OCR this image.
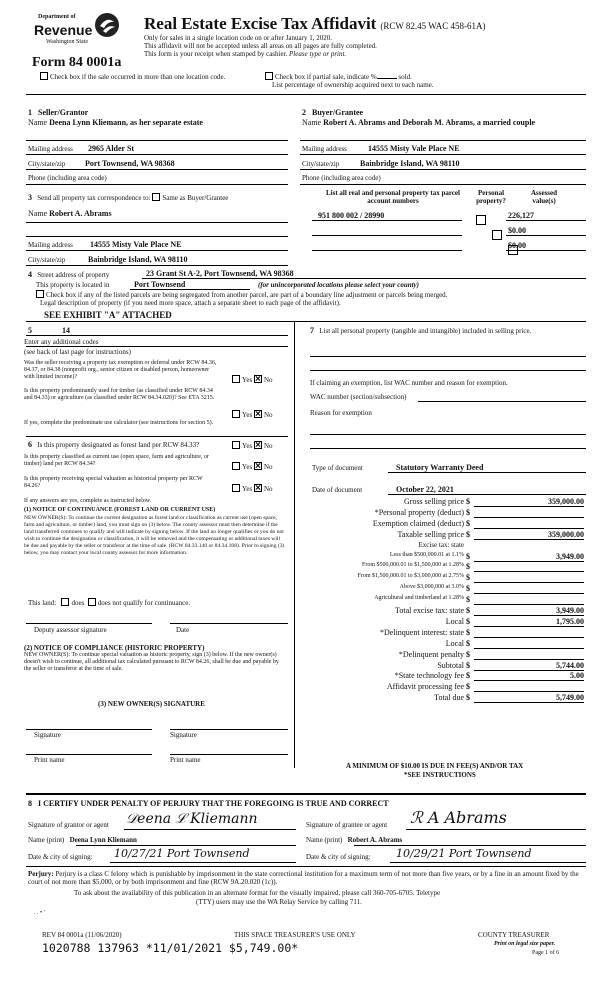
Department of
Revenue
Washington State
Form 84 0001a
Real Estate Excise Tax Affidavit (RCW 82.45 WAC 458-61A)
Only for sales in a single location code on or after January 1, 2020.
This affidavit will not be accepted unless all areas on all pages are fully completed.
This form is your receipt when stamped by cashier. Please type or print.
Check box if the sale occurred in more than one location code.	Check box if partial sale, indicate %	sold.
List percentage of ownership acquired next to each name.
1 Seller/Grantor
Name Deena Lynn Kliemann, as her separate estate
2 Buyer/Grantee
Name Robert A. Abrams and Deborah M. Abrams, a married couple
Mailing address 2965 Alder St
City/state/zip Port Townsend, WA 98368
Phone (including area code)
Mailing address	14555 Misty Vale Place NE
City/state/zip	Bainbridge Island, WA 98110
Phone (including area code)
3 Send all property tax correspondence to: Same as Buyer/Grantee
Name Robert A. Abrams
Mailing address 14555 Misty Vale Place NE
City/state/zip	Bainbridge Island, WA 98110
List all real and personal property tax parcel account numbers
Personal property?
Assessed value(s)
951 800 002 / 28990
	226,127

$0.00
$0.00
4 Street address of property	23 Grant St A-2, Port Townsend, WA 98368
This property is located in	Port Townsend	(for unincorporated locations please select your county)
Check box if any of the listed parcels are being segregated from another parcel, are part of a boundary line adjustment or parcels being merged.
Legal description of property (if you need more space, attach a separate sheet to each page of the affidavit).
SEE EXHIBIT "A" ATTACHED
5	14
Enter any additional codes
(see back of last page for instructions)
Was the seller receiving a property tax exemption or deferral under RCW 84.36, 84.37, or 84.38 (nonprofit org., senior citizen or disabled person, homeowner with limited income)?	Yes No
Is this property predominantly used for timber (as classified under RCW 84.34 and 84.33) or agriculture (as classified under RCW 84.34.020)? See ETA 3215.
Yes No
If yes, complete the predominate use calculator (see instructions for section 5).
6 Is this property designated as forest land per RCW 84.33?	Yes No
Is this property classified as current use (open space, farm and agriculture, or timber) land per RCW 84.34?	Yes No
Is this property receiving special valuation as historical property per RCW 84.26?	Yes No
If any answers are yes, complete as instructed below.
(1) NOTICE OF CONTINUANCE (FOREST LAND OR CURRENT USE)
NEW OWNER(S): To continue the current designation as forest land or classification as current use (open space, farm and agriculture, or timber) land, you must sign on (3) below. The county assessor must then determine if the land transferred continues to qualify and will indicate by signing below. If the land no longer qualifies or you do not wish to continue the designation or classification, it will be removed and the compensating or additional taxes will be due and payable by the seller or transferor at the time of sale. (RCW 84.33.140 or 84.34.108). Prior to signing (3) below, you may contact your local county assessor for more information.
This land: does does not qualify for continuance.
Deputy assessor signature	Date
(2) NOTICE OF COMPLIANCE (HISTORIC PROPERTY)
NEW OWNER(S): To continue special valuation as historic property, sign (3) below. If the new owner(s) doesn't wish to continue, all additional tax calculated pursuant to RCW 84.26, shall be due and payable by the seller or transferor at the time of sale.
(3) NEW OWNER(S) SIGNATURE
Signature	Signature
Print name	Print name
7 List all personal property (tangible and intangible) included in selling price.
If claiming an exemption, list WAC number and reason for exemption.
WAC number (section/subsection)
Reason for exemption
Type of document	Statutory Warranty Deed
Date of document	October 22, 2021
Gross selling price $	359,000.00
*Personal property (deduct) $
Exemption claimed (deduct) $
Taxable selling price $	359,000.00
Excise tax: state
Less than $500,000.01 at 1.1% $	3,949.00
From $500,000.01 to $1,500,000 at 1.28% $
From $1,500,000.01 to $3,000,000 at 2.75% $
Above $3,000,000 at 3.0% $
Agricultural and timberland at 1.28% $
Total excise tax: state $	3,949.00
Local $	1,795.00
*Delinquent interest: state $
Local $
*Delinquent penalty $
Subtotal $	5,744.00
*State technology fee $	5.00
Affidavit processing fee $
Total due $	5,749.00
A MINIMUM OF $10.00 IS DUE IN FEE(S) AND/OR TAX
*SEE INSTRUCTIONS
8 I CERTIFY UNDER PENALTY OF PERJURY THAT THE FOREGOING IS TRUE AND CORRECT
Signature of grantor or agent 𝒟eena ℒ Kliemann	Signature of grantee or agent ℛ A Abrams
Name (print) Deena Lynn Kliemann	Name (print) Robert A. Abrams
Date & city of signing: 10/27/21 Port Townsend	Date & city of signing: 10/29/21 Port Townsend
Perjury: Perjury is a class C felony which is punishable by imprisonment in the state correctional institution for a maximum term of not more than five years, or by a fine in an amount fixed by the court of not more than $5,000, or by both imprisonment and fine (RCW 9A.20.020 (1c)).
To ask about the availability of this publication in an alternate format for the visually impaired, please call 360-705-6705. Teletype
(TTY) users may use the WA Relay Service by calling 711.
. . • '
REV 84 0001a (11/06/2020)	THIS SPACE TREASURER'S USE ONLY	COUNTY TREASURER
Print on legal size paper.
Page 1 of 6
1020788 137963 *11/01/2021 $5,749.00*
